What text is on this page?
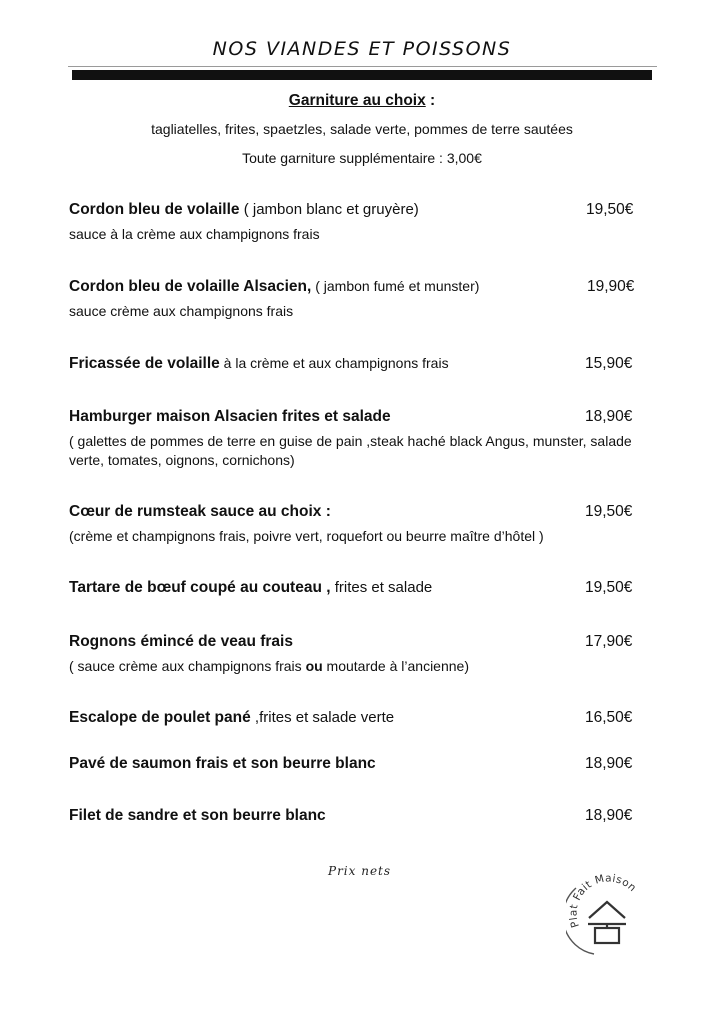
NOS VIANDES ET POISSONS
Garniture au choix :
tagliatelles, frites, spaetzles, salade verte, pommes de terre sautées
Toute garniture supplémentaire : 3,00€
Cordon bleu de volaille ( jambon blanc et gruyère)	19,50€
sauce à la crème aux champignons frais
Cordon bleu de volaille Alsacien, ( jambon fumé et munster)	19,90€
sauce crème aux champignons frais
Fricassée de volaille à la crème et aux champignons frais	15,90€
Hamburger maison Alsacien frites et salade	18,90€
( galettes de pommes de terre en guise de pain ,steak haché black Angus, munster, salade verte, tomates, oignons, cornichons)
Cœur de rumsteak sauce au choix :	19,50€
(crème et champignons frais, poivre vert, roquefort ou beurre maître d’hôtel )
Tartare de bœuf coupé au couteau , frites et salade	19,50€
Rognons émincé de veau frais	17,90€
( sauce crème aux champignons frais ou moutarde à l’ancienne)
Escalope de poulet pané ,frites et salade verte	16,50€
Pavé de saumon frais et son beurre blanc	18,90€
Filet de sandre et son beurre blanc	18,90€
Prix nets
Plat Fait Maison
